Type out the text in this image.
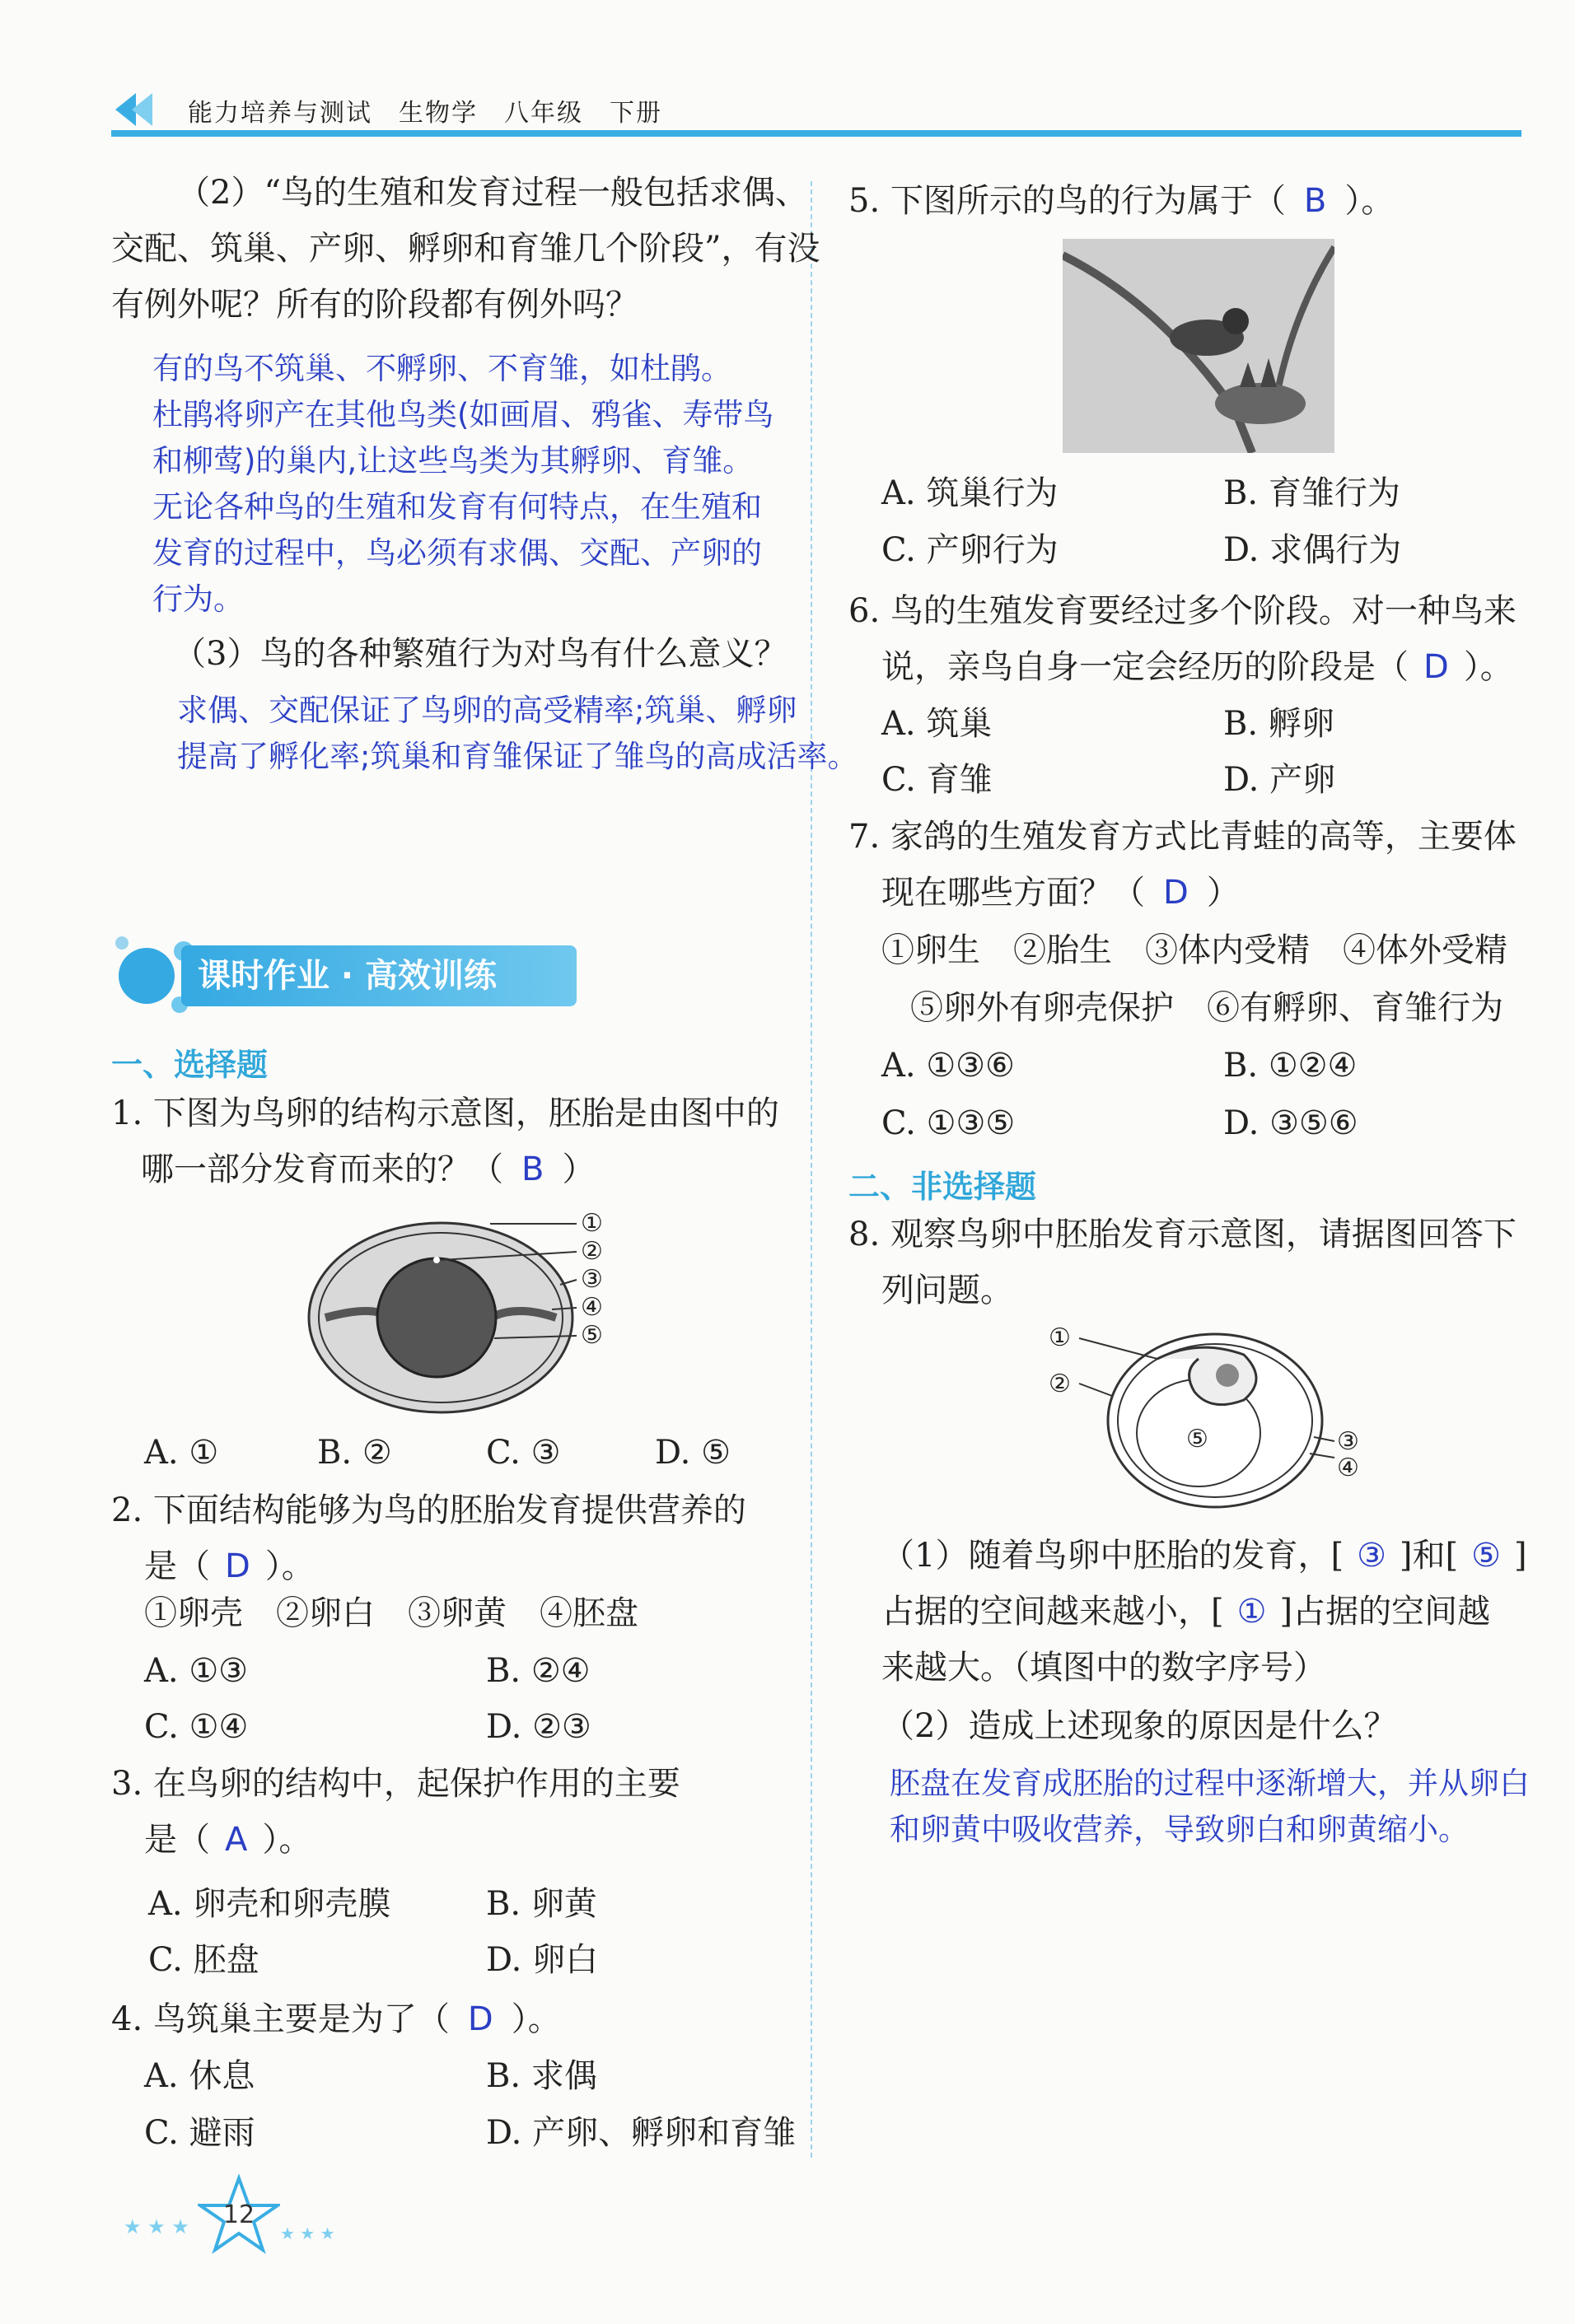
能力培养与测试　生物学　八年级　下册
（2）“鸟的生殖和发育过程一般包括求偶、
交配、筑巢、产卵、孵卵和育雏几个阶段”，有没
有例外呢？所有的阶段都有例外吗？
有的鸟不筑巢、不孵卵、不育雏，如杜鹃。
杜鹃将卵产在其他鸟类(如画眉、鸦雀、寿带鸟
和柳莺)的巢内,让这些鸟类为其孵卵、育雏。
无论各种鸟的生殖和发育有何特点，在生殖和
发育的过程中，鸟必须有求偶、交配、产卵的
行为。
（3）鸟的各种繁殖行为对鸟有什么意义？
求偶、交配保证了鸟卵的高受精率;筑巢、孵卵
提高了孵化率;筑巢和育雏保证了雏鸟的高成活率。
课时作业 · 高效训练
一、选择题
1. 下图为鸟卵的结构示意图，胚胎是由图中的
哪一部分发育而来的？（ B ）
①
②
③
④
⑤
A. ①	B. ②	C. ③	D. ⑤
2. 下面结构能够为鸟的胚胎发育提供营养的
是（ D ）。
①卵壳　②卵白　③卵黄　④胚盘
A. ①③	B. ②④
C. ①④	D. ②③
3. 在鸟卵的结构中，起保护作用的主要
是（ A ）。
A. 卵壳和卵壳膜	B. 卵黄
C. 胚盘	D. 卵白
4. 鸟筑巢主要是为了（ D ）。
A. 休息	B. 求偶
C. 避雨	D. 产卵、孵卵和育雏
5. 下图所示的鸟的行为属于（ B ）。
A. 筑巢行为	B. 育雏行为
C. 产卵行为	D. 求偶行为
6. 鸟的生殖发育要经过多个阶段。对一种鸟来
说，亲鸟自身一定会经历的阶段是（ D ）。
A. 筑巢	B. 孵卵
C. 育雏	D. 产卵
7. 家鸽的生殖发育方式比青蛙的高等，主要体
现在哪些方面？（ D ）
①卵生　②胎生　③体内受精　④体外受精
⑤卵外有卵壳保护　⑥有孵卵、育雏行为
A. ①③⑥	B. ①②④
C. ①③⑤	D. ③⑤⑥
二、非选择题
8. 观察鸟卵中胚胎发育示意图，请据图回答下
列问题。
①
②
③
④
⑤
（1）随着鸟卵中胚胎的发育，[ ③ ]和[ ⑤ ]
占据的空间越来越小，[ ① ]占据的空间越
来越大。（填图中的数字序号）
（2）造成上述现象的原因是什么？
胚盘在发育成胚胎的过程中逐渐增大，并从卵白
和卵黄中吸收营养，导致卵白和卵黄缩小。
12
★ ★ ★	★ ★ ★
